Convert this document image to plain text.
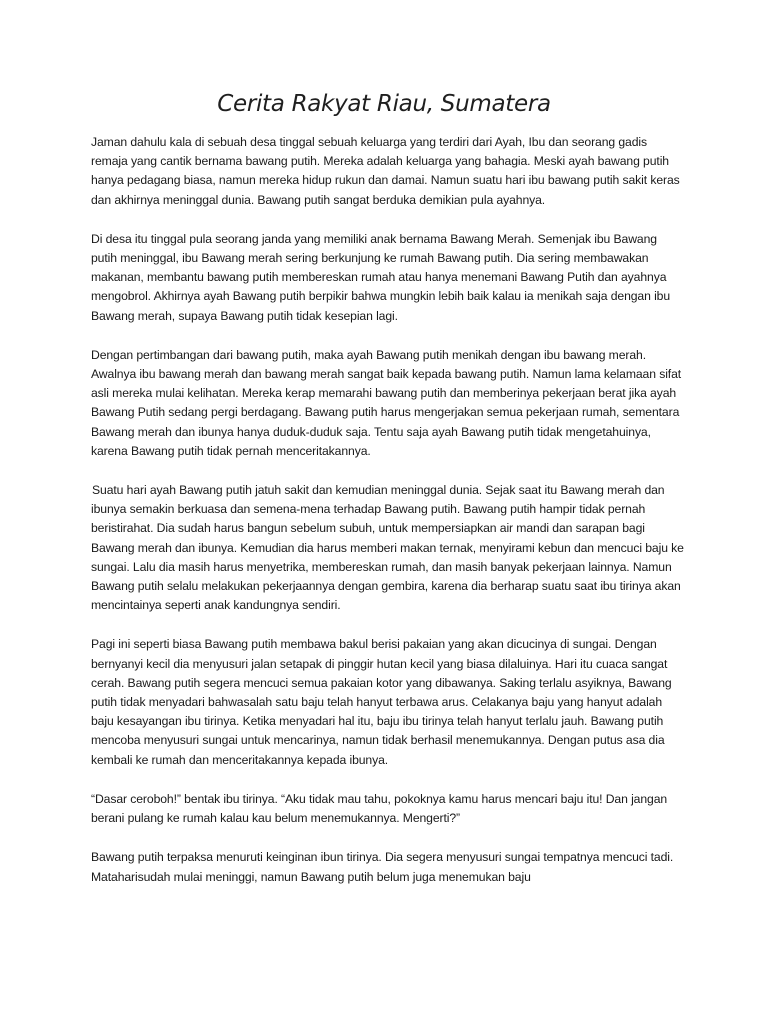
Cerita Rakyat Riau, Sumatera

Jaman dahulu kala di sebuah desa tinggal sebuah keluarga yang terdiri dari Ayah, Ibu dan seorang gadis remaja yang cantik bernama bawang putih. Mereka adalah keluarga yang bahagia. Meski ayah bawang putih hanya pedagang biasa, namun mereka hidup rukun dan damai. Namun suatu hari ibu bawang putih sakit keras dan akhirnya meninggal dunia. Bawang putih sangat berduka demikian pula ayahnya.

Di desa itu tinggal pula seorang janda yang memiliki anak bernama Bawang Merah. Semenjak ibu Bawang putih meninggal, ibu Bawang merah sering berkunjung ke rumah Bawang putih. Dia sering membawakan makanan, membantu bawang putih membereskan rumah atau hanya menemani Bawang Putih dan ayahnya mengobrol. Akhirnya ayah Bawang putih berpikir bahwa mungkin lebih baik kalau ia menikah saja dengan ibu Bawang merah, supaya Bawang putih tidak kesepian lagi.

Dengan pertimbangan dari bawang putih, maka ayah Bawang putih menikah dengan ibu bawang merah. Awalnya ibu bawang merah dan bawang merah sangat baik kepada bawang putih. Namun lama kelamaan sifat asli mereka mulai kelihatan. Mereka kerap memarahi bawang putih dan memberinya pekerjaan berat jika ayah Bawang Putih sedang pergi berdagang. Bawang putih harus mengerjakan semua pekerjaan rumah, sementara Bawang merah dan ibunya hanya duduk-duduk saja. Tentu saja ayah Bawang putih tidak mengetahuinya, karena Bawang putih tidak pernah menceritakannya.

Suatu hari ayah Bawang putih jatuh sakit dan kemudian meninggal dunia. Sejak saat itu Bawang merah dan ibunya semakin berkuasa dan semena-mena terhadap Bawang putih. Bawang putih hampir tidak pernah beristirahat. Dia sudah harus bangun sebelum subuh, untuk mempersiapkan air mandi dan sarapan bagi Bawang merah dan ibunya. Kemudian dia harus memberi makan ternak, menyirami kebun dan mencuci baju ke sungai. Lalu dia masih harus menyetrika, membereskan rumah, dan masih banyak pekerjaan lainnya. Namun Bawang putih selalu melakukan pekerjaannya dengan gembira, karena dia berharap suatu saat ibu tirinya akan mencintainya seperti anak kandungnya sendiri.

Pagi ini seperti biasa Bawang putih membawa bakul berisi pakaian yang akan dicucinya di sungai. Dengan bernyanyi kecil dia menyusuri jalan setapak di pinggir hutan kecil yang biasa dilaluinya. Hari itu cuaca sangat cerah. Bawang putih segera mencuci semua pakaian kotor yang dibawanya. Saking terlalu asyiknya, Bawang putih tidak menyadari bahwasalah satu baju telah hanyut terbawa arus. Celakanya baju yang hanyut adalah baju kesayangan ibu tirinya. Ketika menyadari hal itu, baju ibu tirinya telah hanyut terlalu jauh. Bawang putih mencoba menyusuri sungai untuk mencarinya, namun tidak berhasil menemukannya. Dengan putus asa dia kembali ke rumah dan menceritakannya kepada ibunya.

“Dasar ceroboh!” bentak ibu tirinya. “Aku tidak mau tahu, pokoknya kamu harus mencari baju itu! Dan jangan berani pulang ke rumah kalau kau belum menemukannya. Mengerti?”

Bawang putih terpaksa menuruti keinginan ibun tirinya. Dia segera menyusuri sungai tempatnya mencuci tadi. Mataharisudah mulai meninggi, namun Bawang putih belum juga menemukan baju
